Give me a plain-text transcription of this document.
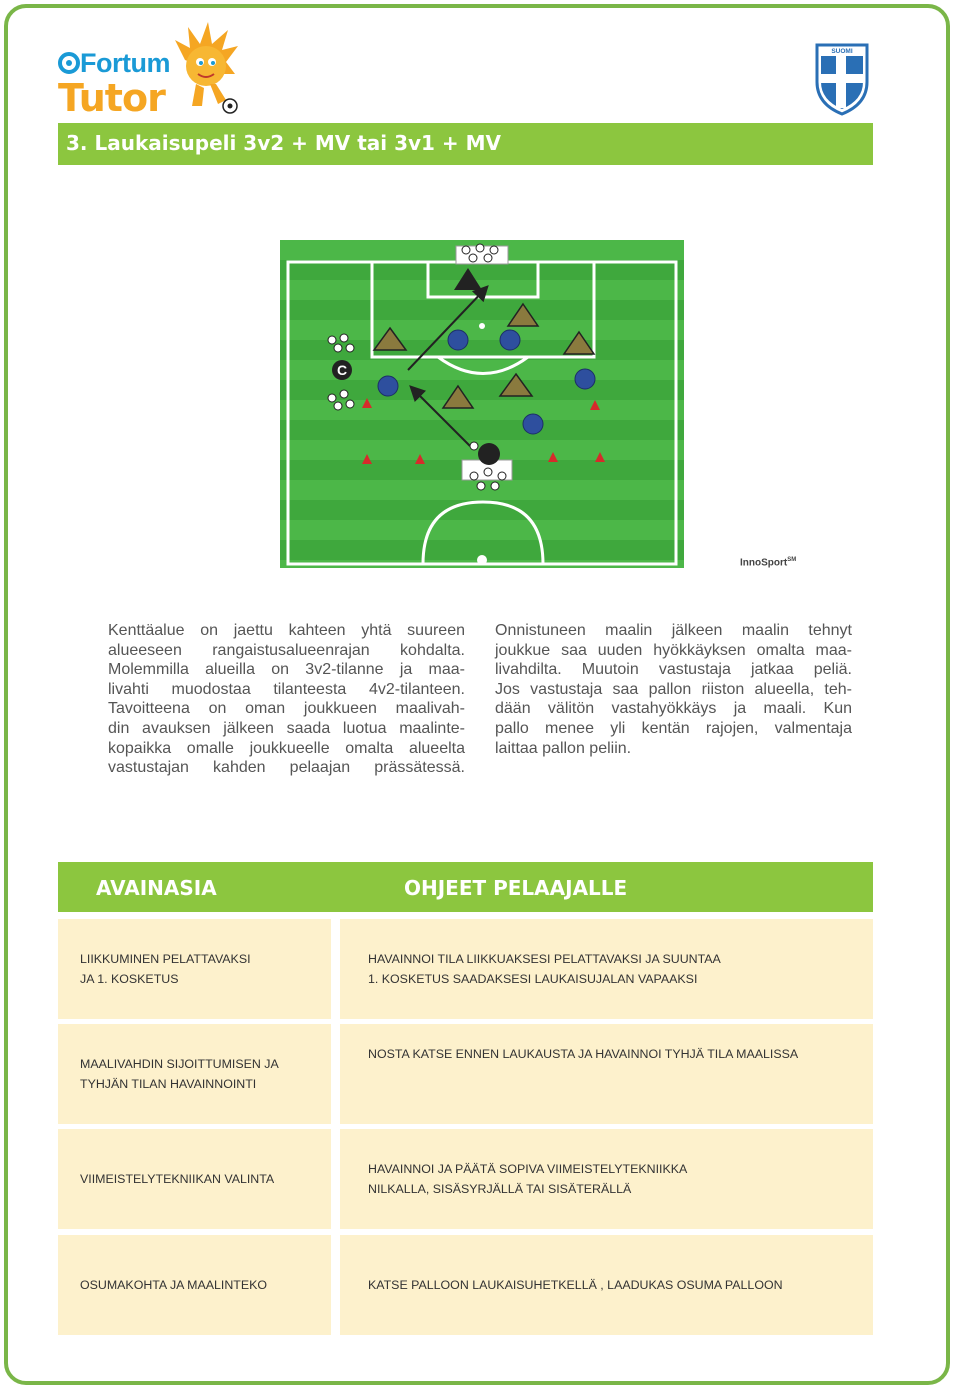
Fortum
Tutor
SUOMI
3. Laukaisupeli 3v2 + MV tai 3v1 + MV
C
InnoSport℠
Kenttäalue on jaettu kahteen yhtä suureen
alueeseen rangaistusalueenrajan kohdalta.
Molemmilla alueilla on 3v2-tilanne ja maa-
livahti muodostaa tilanteesta 4v2-tilanteen.
Tavoitteena on oman joukkueen maalivah-
din avauksen jälkeen saada luotua maalinte-
kopaikka omalle joukkueelle omalta alueelta
vastustajan kahden pelaajan prässätessä.
Onnistuneen maalin jälkeen maalin tehnyt
joukkue saa uuden hyökkäyksen omalta maa-
livahdilta. Muutoin vastustaja jatkaa peliä.
Jos vastustaja saa pallon riiston alueella, teh-
dään välitön vastahyökkäys ja maali. Kun
pallo menee yli kentän rajojen, valmentaja
laittaa pallon peliin.
AVAINASIA	OHJEET PELAAJALLE
LIIKKUMINEN PELATTAVAKSI
JA 1. KOSKETUS
HAVAINNOI TILA LIIKKUAKSESI PELATTAVAKSI JA SUUNTAA
1. KOSKETUS SAADAKSESI LAUKAISUJALAN VAPAAKSI
MAALIVAHDIN SIJOITTUMISEN JA
TYHJÄN TILAN HAVAINNOINTI
NOSTA KATSE ENNEN LAUKAUSTA JA HAVAINNOI TYHJÄ TILA MAALISSA
VIIMEISTELYTEKNIIKAN VALINTA
HAVAINNOI JA PÄÄTÄ SOPIVA VIIMEISTELYTEKNIIKKA
NILKALLA, SISÄSYRJÄLLÄ TAI SISÄTERÄLLÄ
OSUMAKOHTA JA MAALINTEKO	KATSE PALLOON LAUKAISUHETKELLÄ , LAADUKAS OSUMA PALLOON
